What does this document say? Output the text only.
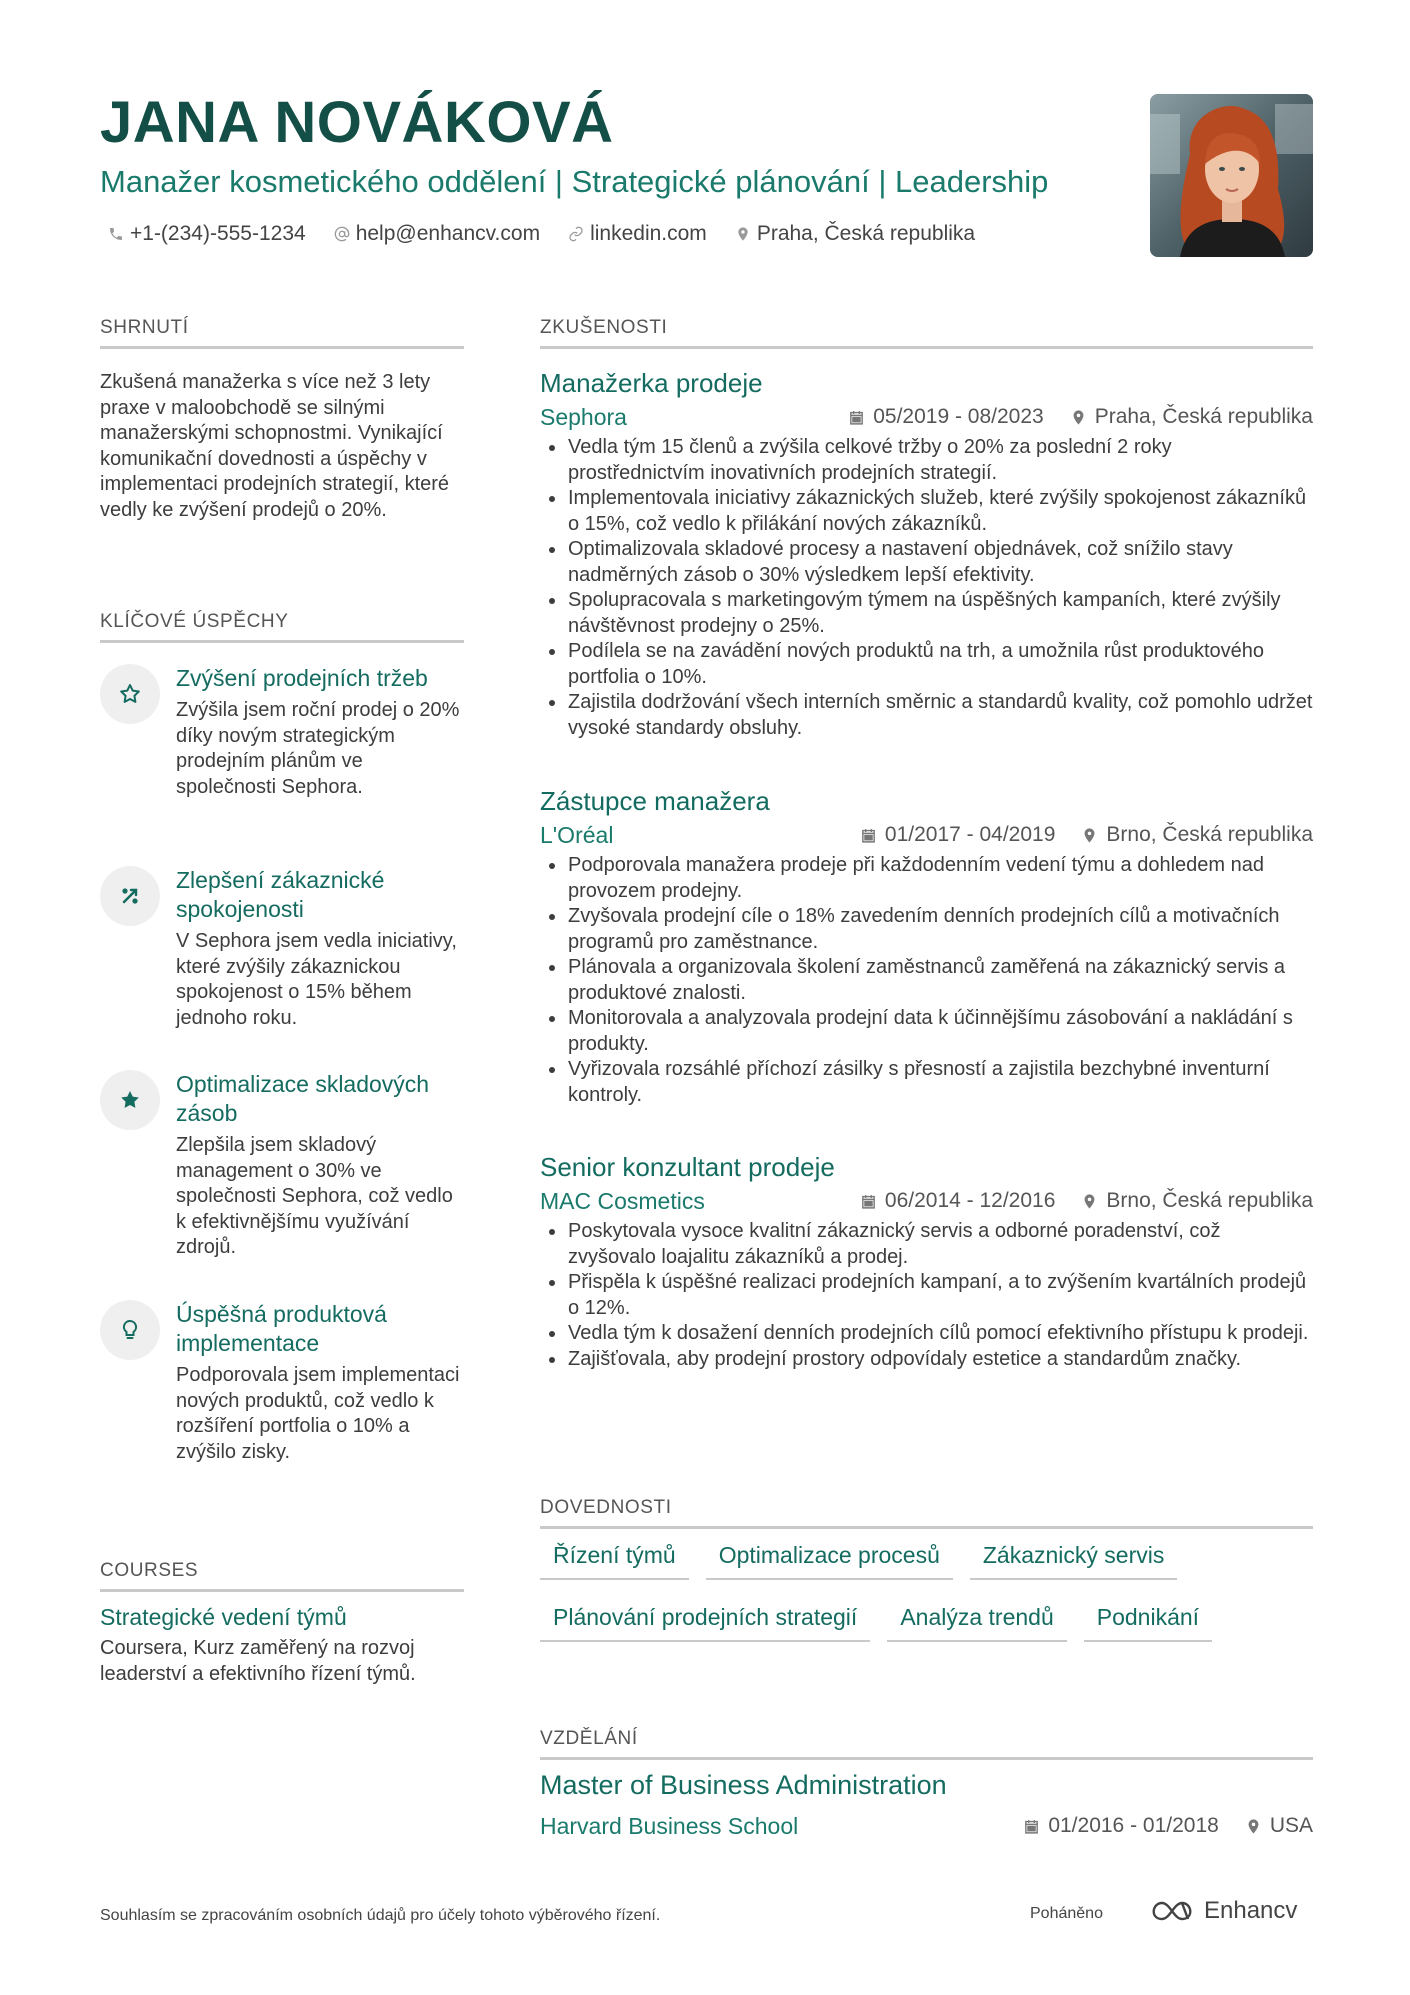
JANA NOVÁKOVÁ
Manažer kosmetického oddělení | Strategické plánování | Leadership
+1-(234)-555-1234 help@enhancv.com linkedin.com Praha, Česká republika
SHRNUTÍ
Zkušená manažerka s více než 3 lety praxe v maloobchodě se silnými manažerskými schopnostmi. Vynikající komunikační dovednosti a úspěchy v implementaci prodejních strategií, které vedly ke zvýšení prodejů o 20%.
KLÍČOVÉ ÚSPĚCHY
Zvýšení prodejních tržeb
Zvýšila jsem roční prodej o 20% díky novým strategickým prodejním plánům ve společnosti Sephora.
Zlepšení zákaznické spokojenosti
V Sephora jsem vedla iniciativy, které zvýšily zákaznickou spokojenost o 15% během jednoho roku.
Optimalizace skladových zásob
Zlepšila jsem skladový management o 30% ve společnosti Sephora, což vedlo k efektivnějšímu využívání zdrojů.
Úspěšná produktová implementace
Podporovala jsem implementaci nových produktů, což vedlo k rozšíření portfolia o 10% a zvýšilo zisky.
COURSES
Strategické vedení týmů
Coursera, Kurz zaměřený na rozvoj leaderství a efektivního řízení týmů.
ZKUŠENOSTI
Manažerka prodeje
Sephora	05/2019 - 08/2023 Praha, Česká republika
Vedla tým 15 členů a zvýšila celkové tržby o 20% za poslední 2 roky prostřednictvím inovativních prodejních strategií.
Implementovala iniciativy zákaznických služeb, které zvýšily spokojenost zákazníků o 15%, což vedlo k přilákání nových zákazníků.
Optimalizovala skladové procesy a nastavení objednávek, což snížilo stavy nadměrných zásob o 30% výsledkem lepší efektivity.
Spolupracovala s marketingovým týmem na úspěšných kampaních, které zvýšily návštěvnost prodejny o 25%.
Podílela se na zavádění nových produktů na trh, a umožnila růst produktového portfolia o 10%.
Zajistila dodržování všech interních směrnic a standardů kvality, což pomohlo udržet vysoké standardy obsluhy.
Zástupce manažera
L'Oréal	01/2017 - 04/2019 Brno, Česká republika
Podporovala manažera prodeje při každodenním vedení týmu a dohledem nad provozem prodejny.
Zvyšovala prodejní cíle o 18% zavedením denních prodejních cílů a motivačních programů pro zaměstnance.
Plánovala a organizovala školení zaměstnanců zaměřená na zákaznický servis a produktové znalosti.
Monitorovala a analyzovala prodejní data k účinnějšímu zásobování a nakládání s produkty.
Vyřizovala rozsáhlé příchozí zásilky s přesností a zajistila bezchybné inventurní kontroly.
Senior konzultant prodeje
MAC Cosmetics	06/2014 - 12/2016 Brno, Česká republika
Poskytovala vysoce kvalitní zákaznický servis a odborné poradenství, což zvyšovalo loajalitu zákazníků a prodej.
Přispěla k úspěšné realizaci prodejních kampaní, a to zvýšením kvartálních prodejů o 12%.
Vedla tým k dosažení denních prodejních cílů pomocí efektivního přístupu k prodeji.
Zajišťovala, aby prodejní prostory odpovídaly estetice a standardům značky.
DOVEDNOSTI
Řízení týmů	Optimalizace procesů	Zákaznický servis
Plánování prodejních strategií	Analýza trendů	Podnikání
VZDĚLÁNÍ
Master of Business Administration
Harvard Business School	01/2016 - 01/2018 USA
Souhlasím se zpracováním osobních údajů pro účely tohoto výběrového řízení.	Poháněno	Enhancv
